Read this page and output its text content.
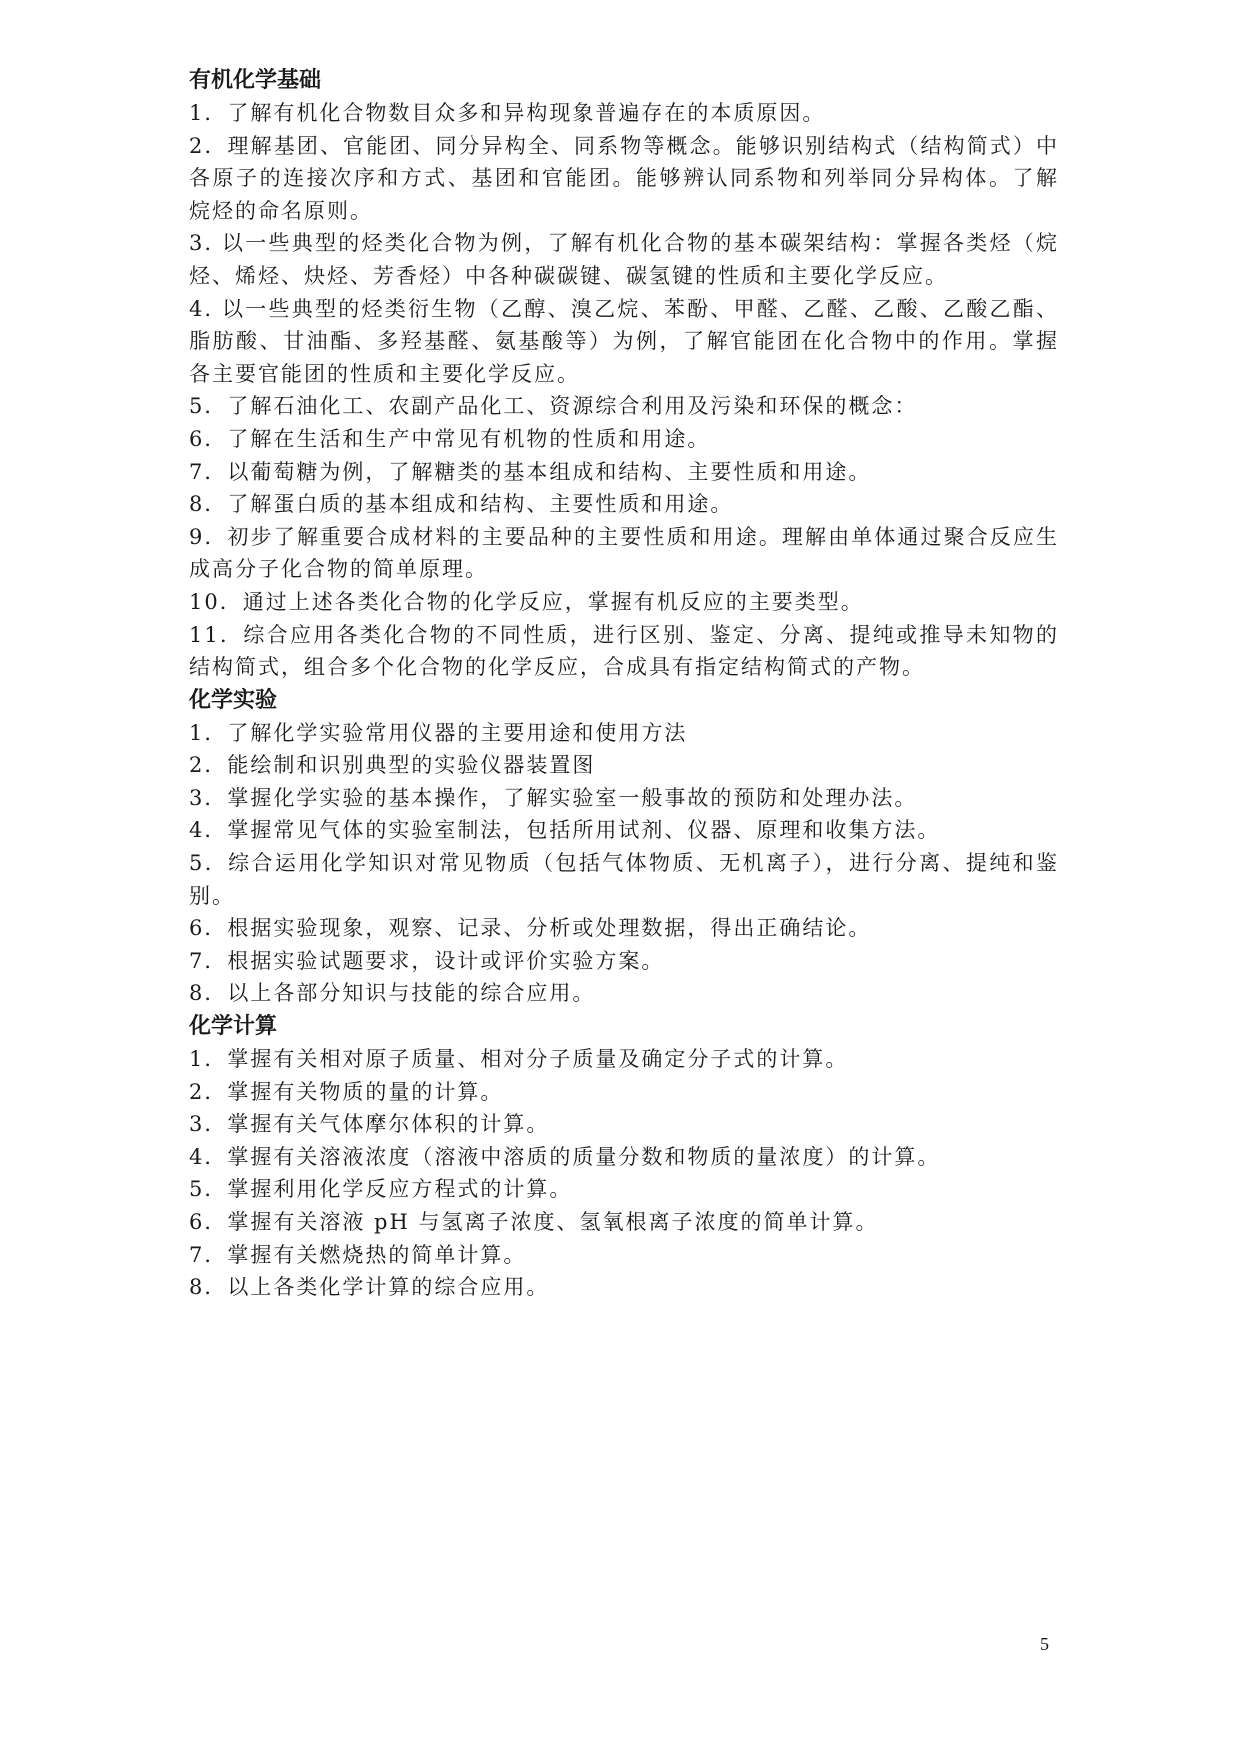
有机化学基础

1．了解有机化合物数目众多和异构现象普遍存在的本质原因。

2．理解基团、官能团、同分异构全、同系物等概念。能够识别结构式（结构简式）中各原子的连接次序和方式、基团和官能团。能够辨认同系物和列举同分异构体。了解烷烃的命名原则。

3. 以一些典型的烃类化合物为例，了解有机化合物的基本碳架结构：掌握各类烃（烷烃、烯烃、炔烃、芳香烃）中各种碳碳键、碳氢键的性质和主要化学反应。

4. 以一些典型的烃类衍生物（乙醇、溴乙烷、苯酚、甲醛、乙醛、乙酸、乙酸乙酯、脂肪酸、甘油酯、多羟基醛、氨基酸等）为例，了解官能团在化合物中的作用。掌握各主要官能团的性质和主要化学反应。

5．了解石油化工、农副产品化工、资源综合利用及污染和环保的概念：

6．了解在生活和生产中常见有机物的性质和用途。

7．以葡萄糖为例，了解糖类的基本组成和结构、主要性质和用途。

8．了解蛋白质的基本组成和结构、主要性质和用途。

9．初步了解重要合成材料的主要品种的主要性质和用途。理解由单体通过聚合反应生成高分子化合物的简单原理。

10．通过上述各类化合物的化学反应，掌握有机反应的主要类型。

11．综合应用各类化合物的不同性质，进行区别、鉴定、分离、提纯或推导未知物的结构简式，组合多个化合物的化学反应，合成具有指定结构简式的产物。

化学实验

1．了解化学实验常用仪器的主要用途和使用方法

2．能绘制和识别典型的实验仪器装置图

3．掌握化学实验的基本操作，了解实验室一般事故的预防和处理办法。

4．掌握常见气体的实验室制法，包括所用试剂、仪器、原理和收集方法。

5．综合运用化学知识对常见物质（包括气体物质、无机离子），进行分离、提纯和鉴别。

6．根据实验现象，观察、记录、分析或处理数据，得出正确结论。

7．根据实验试题要求，设计或评价实验方案。

8．以上各部分知识与技能的综合应用。

化学计算

1．掌握有关相对原子质量、相对分子质量及确定分子式的计算。

2．掌握有关物质的量的计算。

3．掌握有关气体摩尔体积的计算。

4．掌握有关溶液浓度（溶液中溶质的质量分数和物质的量浓度）的计算。

5．掌握利用化学反应方程式的计算。

6．掌握有关溶液 pH 与氢离子浓度、氢氧根离子浓度的简单计算。

7．掌握有关燃烧热的简单计算。

8．以上各类化学计算的综合应用。

5
